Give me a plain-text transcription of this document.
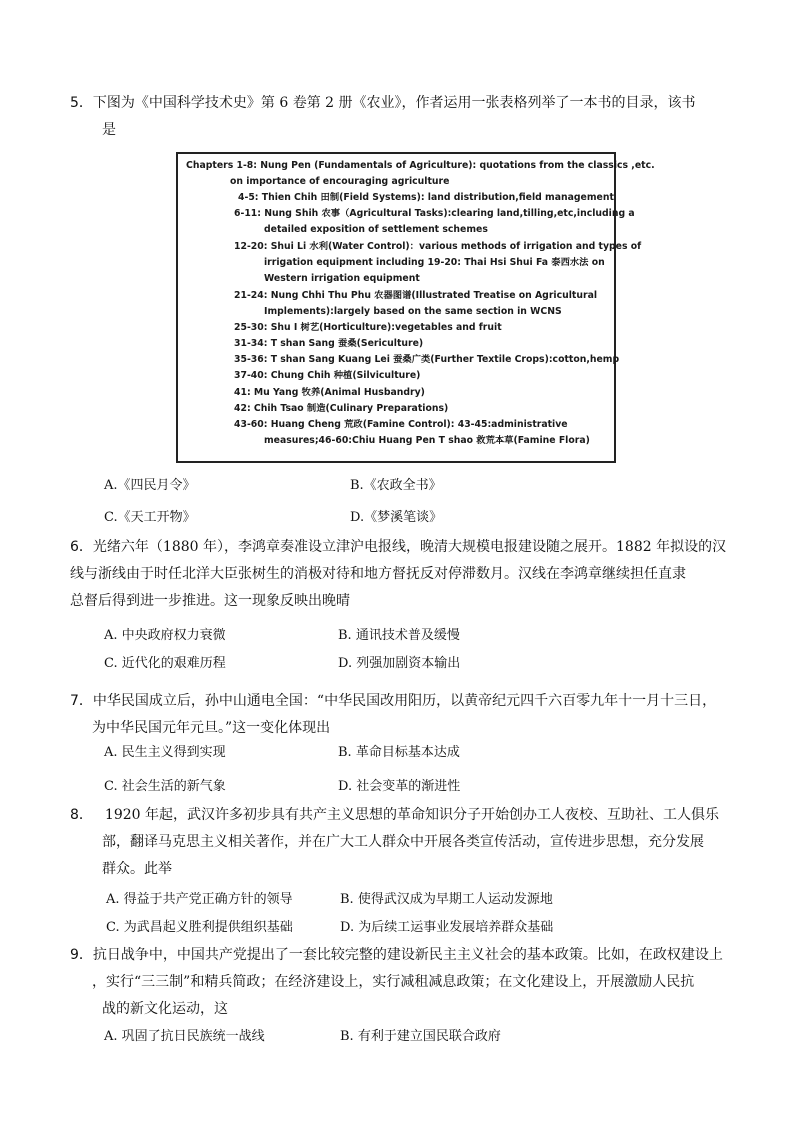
5．下图为《中国科学技术史》第 6 卷第 2 册《农业》，作者运用一张表格列举了一本书的目录，该书
是
Chapters 1-8: Nung Pen (Fundamentals of Agriculture): quotations from the classics ,etc.
on importance of encouraging agriculture
4-5: Thien Chih 田制(Field Systems): land distribution,field management
6-11: Nung Shih 农事（Agricultural Tasks):clearing land,tilling,etc,including a
detailed exposition of settlement schemes
12-20: Shui Li 水利(Water Control)：various methods of irrigation and types of
irrigation equipment including 19-20: Thai Hsi Shui Fa 泰西水法 on
Western irrigation equipment
21-24: Nung Chhi Thu Phu 农器图谱(Illustrated Treatise on Agricultural
Implements):largely based on the same section in WCNS
25-30: Shu I 树艺(Horticulture):vegetables and fruit
31-34: T shan Sang 蚕桑(Sericulture)
35-36: T shan Sang Kuang Lei 蚕桑广类(Further Textile Crops):cotton,hemp
37-40: Chung Chih 种植(Silviculture)
41: Mu Yang 牧养(Animal Husbandry)
42: Chih Tsao 制造(Culinary Preparations)
43-60: Huang Cheng 荒政(Famine Control): 43-45:administrative
measures;46-60:Chiu Huang Pen T shao 救荒本草(Famine Flora)
A.《四民月令》	B.《农政全书》
C.《天工开物》	D.《梦溪笔谈》
6．光绪六年（1880 年），李鸿章奏准设立津沪电报线，晚清大规模电报建设随之展开。1882 年拟设的汉
线与浙线由于时任北洋大臣张树生的消极对待和地方督抚反对停滞数月。汉线在李鸿章继续担任直隶
总督后得到进一步推进。这一现象反映出晚晴
A. 中央政府权力衰微	B. 通讯技术普及缓慢
C. 近代化的艰难历程	D. 列强加剧资本输出
7．中华民国成立后，孙中山通电全国：“中华民国改用阳历，以黄帝纪元四千六百零九年十一月十三日，
为中华民国元年元旦。”这一变化体现出
A. 民生主义得到实现	B. 革命目标基本达成
C. 社会生活的新气象	D. 社会变革的渐进性
8． 1920 年起，武汉许多初步具有共产主义思想的革命知识分子开始创办工人夜校、互助社、工人俱乐
部，翻译马克思主义相关著作，并在广大工人群众中开展各类宣传活动，宣传进步思想，充分发展
群众。此举
A. 得益于共产党正确方针的领导	B. 使得武汉成为早期工人运动发源地
C. 为武昌起义胜利提供组织基础	D. 为后续工运事业发展培养群众基础
9．抗日战争中，中国共产党提出了一套比较完整的建设新民主主义社会的基本政策。比如，在政权建设上
，实行“三三制”和精兵简政；在经济建设上，实行减租减息政策；在文化建设上，开展激励人民抗
战的新文化运动，这
A. 巩固了抗日民族统一战线	B. 有利于建立国民联合政府
